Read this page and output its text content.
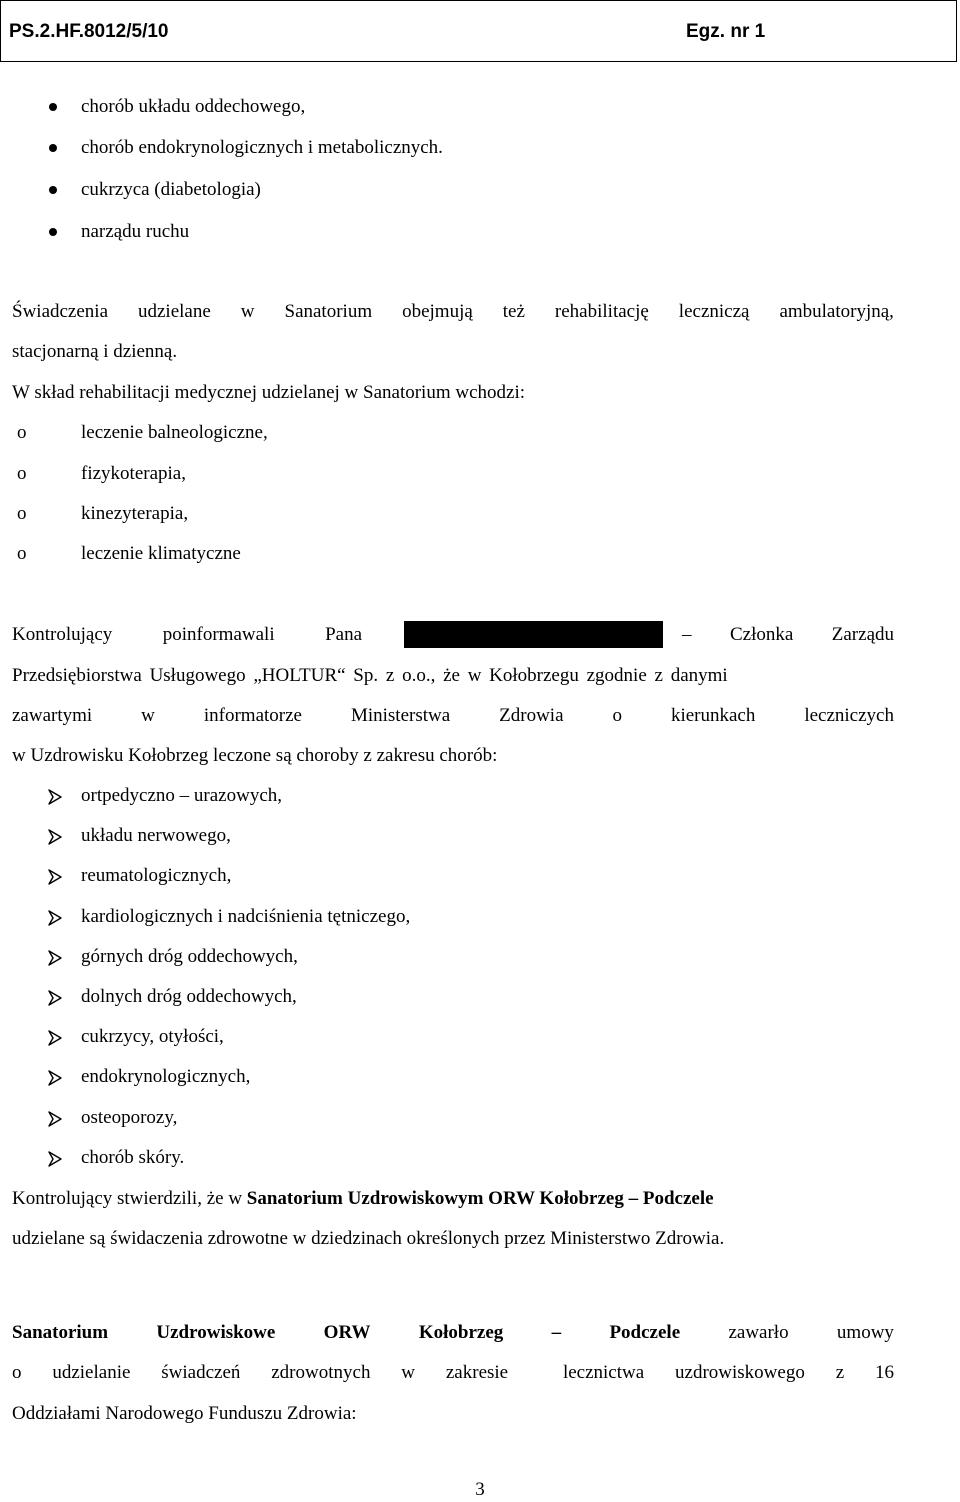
PS.2.HF.8012/5/10	Egz. nr 1
chorób układu oddechowego,
chorób endokrynologicznych i metabolicznych.
cukrzyca (diabetologia)
narządu ruchu
Świadczenia udzielane w Sanatorium obejmują też rehabilitację leczniczą ambulatoryjną,
stacjonarną i dzienną.
W skład rehabilitacji medycznej udzielanej w Sanatorium wchodzi:
o	leczenie balneologiczne,
o	fizykoterapia,
o	kinezyterapia,
o	leczenie klimatyczne
Kontrolujący	poinformawali	Pana	– Członka Zarządu
Przedsiębiorstwa Usługowego „HOLTUR“ Sp. z o.o., że w Kołobrzegu zgodnie z danymi
zawartymi	w	informatorze	Ministerstwa	Zdrowia	o	kierunkach	leczniczych
w Uzdrowisku Kołobrzeg leczone są choroby z zakresu chorób:
ortpedyczno – urazowych,
układu nerwowego,
reumatologicznych,
kardiologicznych i nadciśnienia tętniczego,
górnych dróg oddechowych,
dolnych dróg oddechowych,
cukrzycy, otyłości,
endokrynologicznych,
osteoporozy,
chorób skóry.
Kontrolujący stwierdzili, że w Sanatorium Uzdrowiskowym ORW Kołobrzeg – Podczele
udzielane są świdaczenia zdrowotne w dziedzinach określonych przez Ministerstwo Zdrowia.
Sanatorium	Uzdrowiskowe	ORW	Kołobrzeg	–	Podczele	zawarło	umowy
o udzielanie świadczeń zdrowotnych w zakresie	lecznictwa uzdrowiskowego z 16
Oddziałami Narodowego Funduszu Zdrowia:
3
